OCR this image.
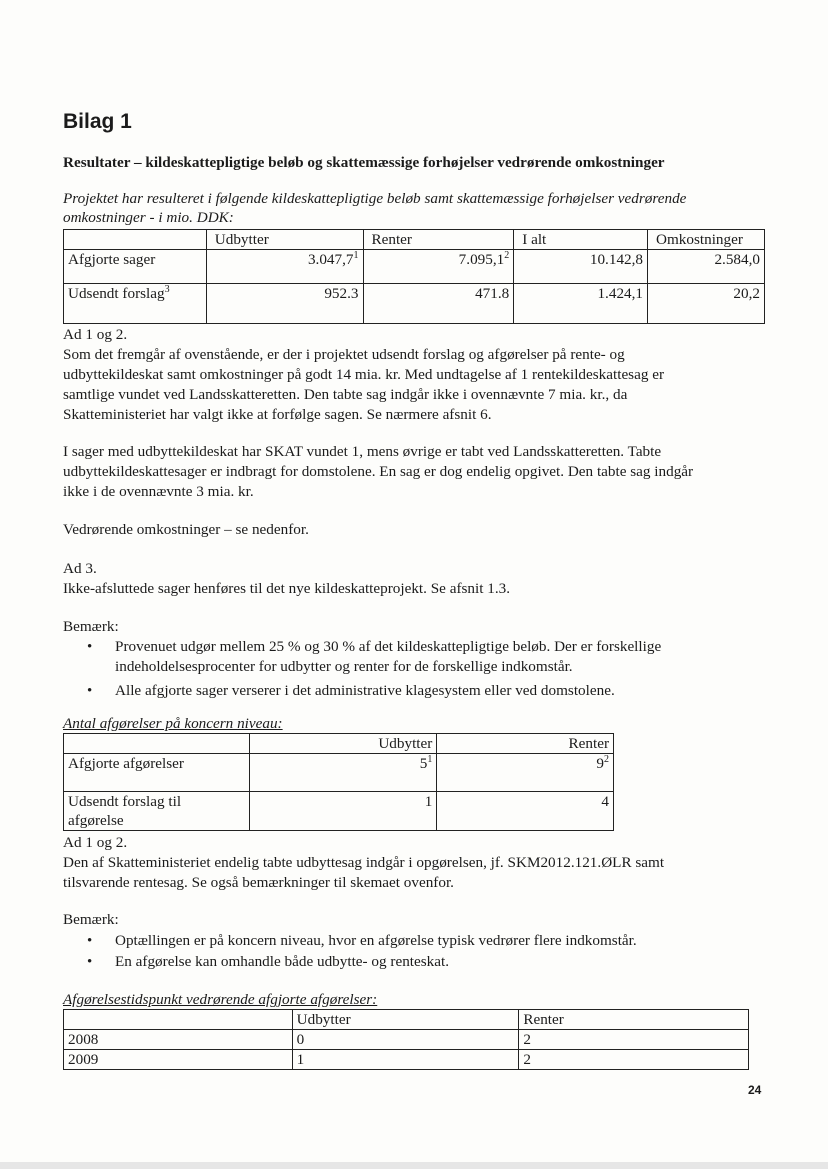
Bilag 1
Resultater – kildeskattepligtige beløb og skattemæssige forhøjelser vedrørende omkostninger
Projektet har resulteret i følgende kildeskattepligtige beløb samt skattemæssige forhøjelser vedrørende
omkostninger - i mio. DDK:
	Udbytter	Renter	I alt	Omkostninger
Afgjorte sager	3.047,7$^1$	7.095,1$^2$	10.142,8	2.584,0
Udsendt forslag$^3$	952.3	471.8	1.424,1	20,2
Ad 1 og 2.
Som det fremgår af ovenstående, er der i projektet udsendt forslag og afgørelser på rente- og
udbyttekildeskat samt omkostninger på godt 14 mia. kr. Med undtagelse af 1 rentekildeskattesag er
samtlige vundet ved Landsskatteretten. Den tabte sag indgår ikke i ovennævnte 7 mia. kr., da
Skatteministeriet har valgt ikke at forfølge sagen. Se nærmere afsnit 6.
I sager med udbyttekildeskat har SKAT vundet 1, mens øvrige er tabt ved Landsskatteretten. Tabte
udbyttekildeskattesager er indbragt for domstolene. En sag er dog endelig opgivet. Den tabte sag indgår
ikke i de ovennævnte 3 mia. kr.
Vedrørende omkostninger – se nedenfor.
Ad 3.
Ikke-afsluttede sager henføres til det nye kildeskatteprojekt. Se afsnit 1.3.
Bemærk:
• Provenuet udgør mellem 25 % og 30 % af det kildeskattepligtige beløb. Der er forskellige
indeholdelsesprocenter for udbytter og renter for de forskellige indkomstår.
• Alle afgjorte sager verserer i det administrative klagesystem eller ved domstolene.
Antal afgørelser på koncern niveau:
	Udbytter	Renter
Afgjorte afgørelser	$5^1$	$9^2$

Udsendt forslag til
afgørelse	1	4
Ad 1 og 2.
Den af Skatteministeriet endelig tabte udbyttesag indgår i opgørelsen, jf. SKM2012.121.ØLR samt
tilsvarende rentesag. Se også bemærkninger til skemaet ovenfor.
Bemærk:
• Optællingen er på koncern niveau, hvor en afgørelse typisk vedrører flere indkomstår.
• En afgørelse kan omhandle både udbytte- og renteskat.
Afgørelsestidspunkt vedrørende afgjorte afgørelser:
	Udbytter	Renter
2008	0	2
2009	1	2
24
